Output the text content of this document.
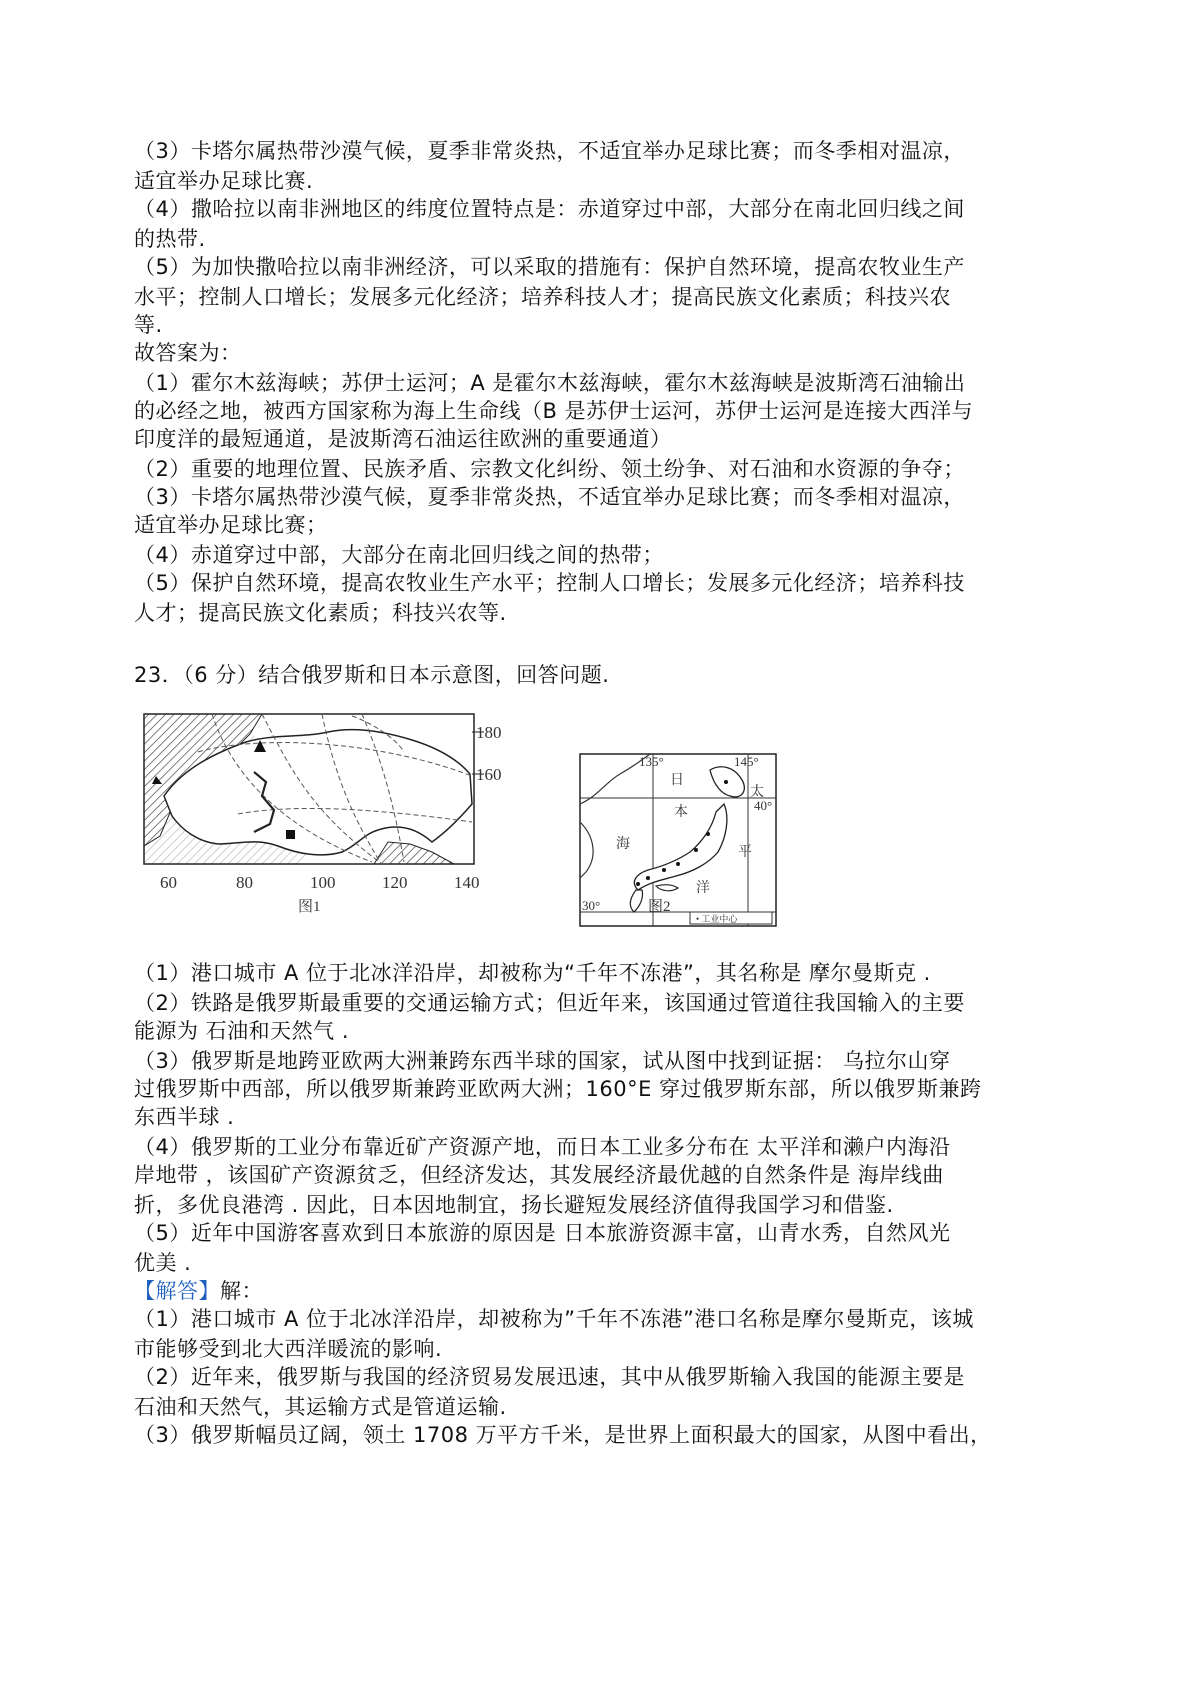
（3）卡塔尔属热带沙漠气候，夏季非常炎热，不适宜举办足球比赛；而冬季相对温凉，
适宜举办足球比赛.
（4）撒哈拉以南非洲地区的纬度位置特点是：赤道穿过中部，大部分在南北回归线之间
的热带.
（5）为加快撒哈拉以南非洲经济，可以采取的措施有：保护自然环境，提高农牧业生产
水平；控制人口增长；发展多元化经济；培养科技人才；提高民族文化素质；科技兴农
等.
故答案为：
（1）霍尔木兹海峡；苏伊士运河；A 是霍尔木兹海峡，霍尔木兹海峡是波斯湾石油输出
的必经之地，被西方国家称为海上生命线（B 是苏伊士运河，苏伊士运河是连接大西洋与
印度洋的最短通道，是波斯湾石油运往欧洲的重要通道）
（2）重要的地理位置、民族矛盾、宗教文化纠纷、领土纷争、对石油和水资源的争夺；
（3）卡塔尔属热带沙漠气候，夏季非常炎热，不适宜举办足球比赛；而冬季相对温凉，
适宜举办足球比赛；
（4）赤道穿过中部，大部分在南北回归线之间的热带；
（5）保护自然环境，提高农牧业生产水平；控制人口增长；发展多元化经济；培养科技
人才；提高民族文化素质；科技兴农等.
23．（6 分）结合俄罗斯和日本示意图，回答问题.
60	80	100	120	140
180
160
图1
135°	145°
40°
30°
日
本
海
太
平
洋
• 工业中心
图2
（1）港口城市 A 位于北冰洋沿岸，却被称为“千年不冻港”，其名称是 摩尔曼斯克 .
（2）铁路是俄罗斯最重要的交通运输方式；但近年来，该国通过管道往我国输入的主要
能源为 石油和天然气 .
（3）俄罗斯是地跨亚欧两大洲兼跨东西半球的国家，试从图中找到证据： 乌拉尔山穿
过俄罗斯中西部，所以俄罗斯兼跨亚欧两大洲；160°E 穿过俄罗斯东部，所以俄罗斯兼跨
东西半球 .
（4）俄罗斯的工业分布靠近矿产资源产地，而日本工业多分布在 太平洋和濑户内海沿
岸地带 ，该国矿产资源贫乏，但经济发达，其发展经济最优越的自然条件是 海岸线曲
折，多优良港湾 . 因此，日本因地制宜，扬长避短发展经济值得我国学习和借鉴.
（5）近年中国游客喜欢到日本旅游的原因是 日本旅游资源丰富，山青水秀，自然风光
优美 .
【解答】解：
（1）港口城市 A 位于北冰洋沿岸，却被称为”千年不冻港”港口名称是摩尔曼斯克，该城
市能够受到北大西洋暖流的影响.
（2）近年来，俄罗斯与我国的经济贸易发展迅速，其中从俄罗斯输入我国的能源主要是
石油和天然气，其运输方式是管道运输.
（3）俄罗斯幅员辽阔，领土 1708 万平方千米，是世界上面积最大的国家，从图中看出，
